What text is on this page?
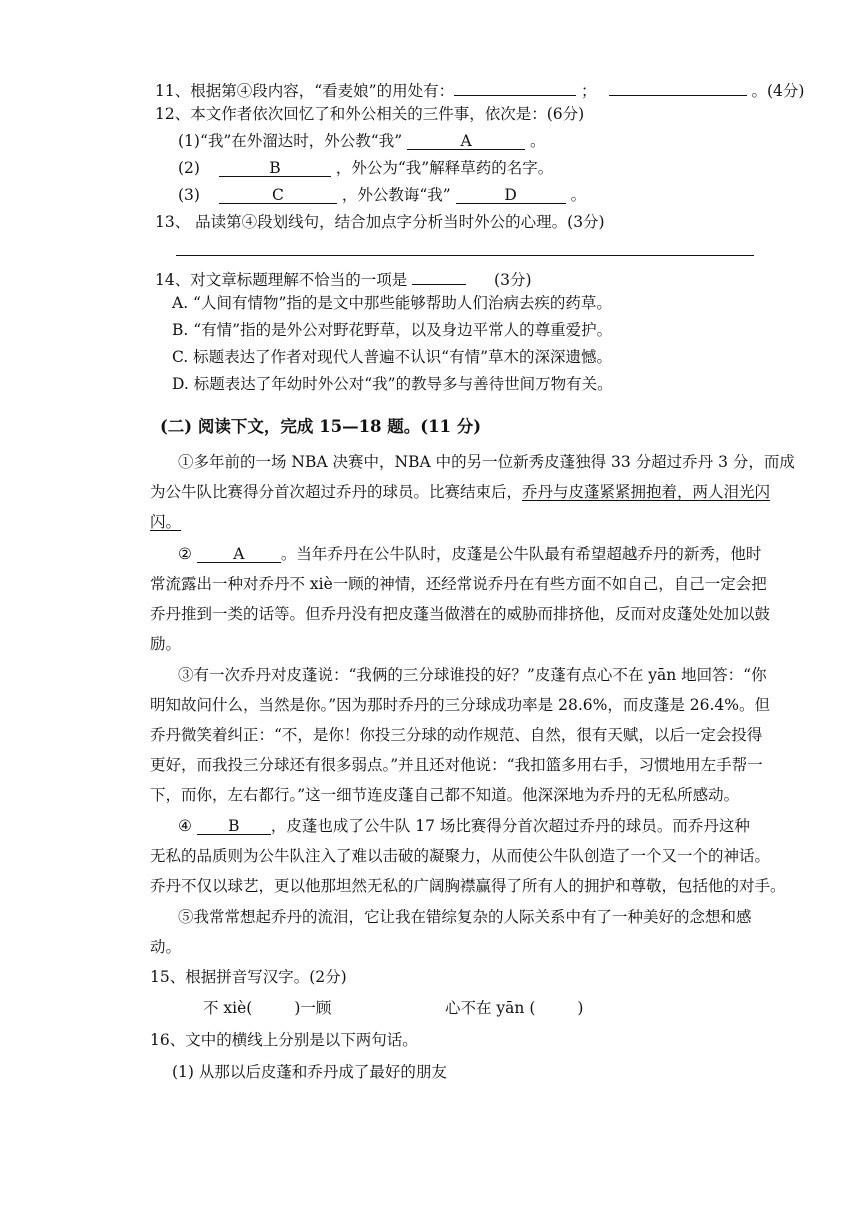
11、根据第④段内容，“看麦娘”的用处有：	；	。(4分)
12、本文作者依次回忆了和外公相关的三件事，依次是：(6分)
(1)“我”在外溜达时，外公教“我”	A	。
(2)	B	，外公为“我”解释草药的名字。
(3)	C	，外公教诲“我”	D	。
13、 品读第④段划线句，结合加点字分析当时外公的心理。(3分)
14、对文章标题理解不恰当的一项是	(3分)
A. “人间有情物”指的是文中那些能够帮助人们治病去疾的药草。
B. “有情”指的是外公对野花野草，以及身边平常人的尊重爱护。
C. 标题表达了作者对现代人普遍不认识“有情”草木的深深遗憾。
D. 标题表达了年幼时外公对“我”的教导多与善待世间万物有关。
(二) 阅读下文，完成 15—18 题。(11 分)
①多年前的一场 NBA 决赛中，NBA 中的另一位新秀皮蓬独得 33 分超过乔丹 3 分，而成
为公牛队比赛得分首次超过乔丹的球员。比赛结束后，乔丹与皮蓬紧紧拥抱着，两人泪光闪
闪。
②	A 。当年乔丹在公牛队时，皮蓬是公牛队最有希望超越乔丹的新秀，他时
常流露出一种对乔丹不 xiè一顾的神情，还经常说乔丹在有些方面不如自己，自己一定会把
乔丹推到一类的话等。但乔丹没有把皮蓬当做潜在的威胁而排挤他，反而对皮蓬处处加以鼓
励。
③有一次乔丹对皮蓬说：“我俩的三分球谁投的好？”皮蓬有点心不在 yān 地回答：“你
明知故问什么，当然是你。”因为那时乔丹的三分球成功率是 28.6%，而皮蓬是 26.4%。但
乔丹微笑着纠正：“不，是你！你投三分球的动作规范、自然，很有天赋，以后一定会投得
更好，而我投三分球还有很多弱点。”并且还对他说：“我扣篮多用右手，习惯地用左手帮一
下，而你，左右都行。”这一细节连皮蓬自己都不知道。他深深地为乔丹的无私所感动。
④ B ，皮蓬也成了公牛队 17 场比赛得分首次超过乔丹的球员。而乔丹这种
无私的品质则为公牛队注入了难以击破的凝聚力，从而使公牛队创造了一个又一个的神话。
乔丹不仅以球艺，更以他那坦然无私的广阔胸襟赢得了所有人的拥护和尊敬，包括他的对手。
⑤我常常想起乔丹的流泪，它让我在错综复杂的人际关系中有了一种美好的念想和感
动。
15、根据拼音写汉字。(2分)
不 xiè(	)一顾	心不在 yān (	)
16、文中的横线上分别是以下两句话。
(1) 从那以后皮蓬和乔丹成了最好的朋友
